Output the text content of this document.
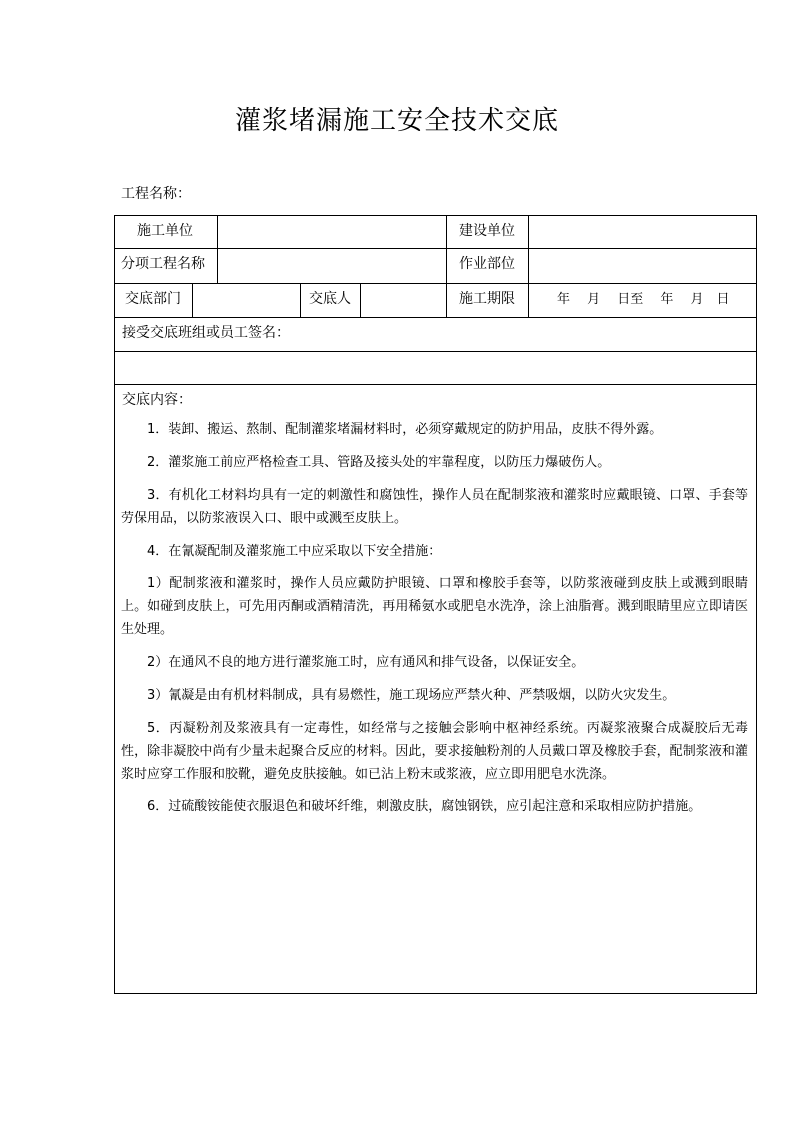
灌浆堵漏施工安全技术交底
工程名称：
施工单位	建设单位
分项工程名称	作业部位
交底部门	交底人	施工期限	年　 月　 日至　 年　 月　日
接受交底班组或员工签名：
交底内容：
1．装卸、搬运、熬制、配制灌浆堵漏材料时，必须穿戴规定的防护用品，皮肤不得外露。
2．灌浆施工前应严格检查工具、管路及接头处的牢靠程度，以防压力爆破伤人。
3．有机化工材料均具有一定的刺激性和腐蚀性，操作人员在配制浆液和灌浆时应戴眼镜、口罩、手套等劳保用品，以防浆液误入口、眼中或溅至皮肤上。
4．在氰凝配制及灌浆施工中应采取以下安全措施：
1）配制浆液和灌浆时，操作人员应戴防护眼镜、口罩和橡胶手套等，以防浆液碰到皮肤上或溅到眼睛上。如碰到皮肤上，可先用丙酮或酒精清洗，再用稀氨水或肥皂水洗净，涂上油脂膏。溅到眼睛里应立即请医生处理。
2）在通风不良的地方进行灌浆施工时，应有通风和排气设备，以保证安全。
3）氰凝是由有机材料制成，具有易燃性，施工现场应严禁火种、严禁吸烟，以防火灾发生。
5．丙凝粉剂及浆液具有一定毒性，如经常与之接触会影响中枢神经系统。丙凝浆液聚合成凝胶后无毒性，除非凝胶中尚有少量未起聚合反应的材料。因此，要求接触粉剂的人员戴口罩及橡胶手套，配制浆液和灌浆时应穿工作服和胶靴，避免皮肤接触。如已沾上粉末或浆液，应立即用肥皂水洗涤。
6．过硫酸铵能使衣服退色和破坏纤维，刺激皮肤，腐蚀钢铁，应引起注意和采取相应防护措施。
